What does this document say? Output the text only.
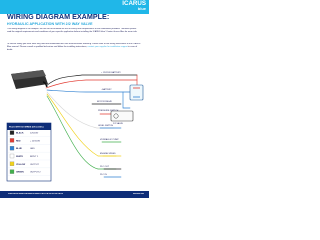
ICARUS
blue
WIRING DIAGRAM EXAMPLE:
HYDRAULIC APPLICATION WITH 2/2 WAY VALVE
This wiring diagram is an example! We are not accountable for the accuracy and completeness of the information provided. Therefore please read the original requirements and conditions of your specific application before installing the ICARUS blue! Contact Icarus Blue for more info.
To ensure safety you must have fully read and understood the user manual before installing. Please refer to our wiring instructions in the ICARUS Blue manual. Please consult a qualified technician and follow the installing instructions, contact your supplier for installation support in case of doubt.
PLUG WITH 6X WIRES (ON LOGIC)
BLACK	12V/24V
RED	+ 12V/24V
BLUE	GND
WHITE	INPUT 1
YELLOW	OUTPUT
GREEN	OUTPUT 2
+ 12V/24V BATTERY
- BATTERY
2/2 VALVE
MOTOR RELAY
PRESSURE SWITCH
LEVEL SWITCH
HYDRAULIC PUMP
ENGINE SPEED
PLC OUT
PLC IN
ICARUS BLUE WIRING DIAGRAM HYDRAULIC APPLICATION 2/2 WAY VALVE	icarusblue.com
